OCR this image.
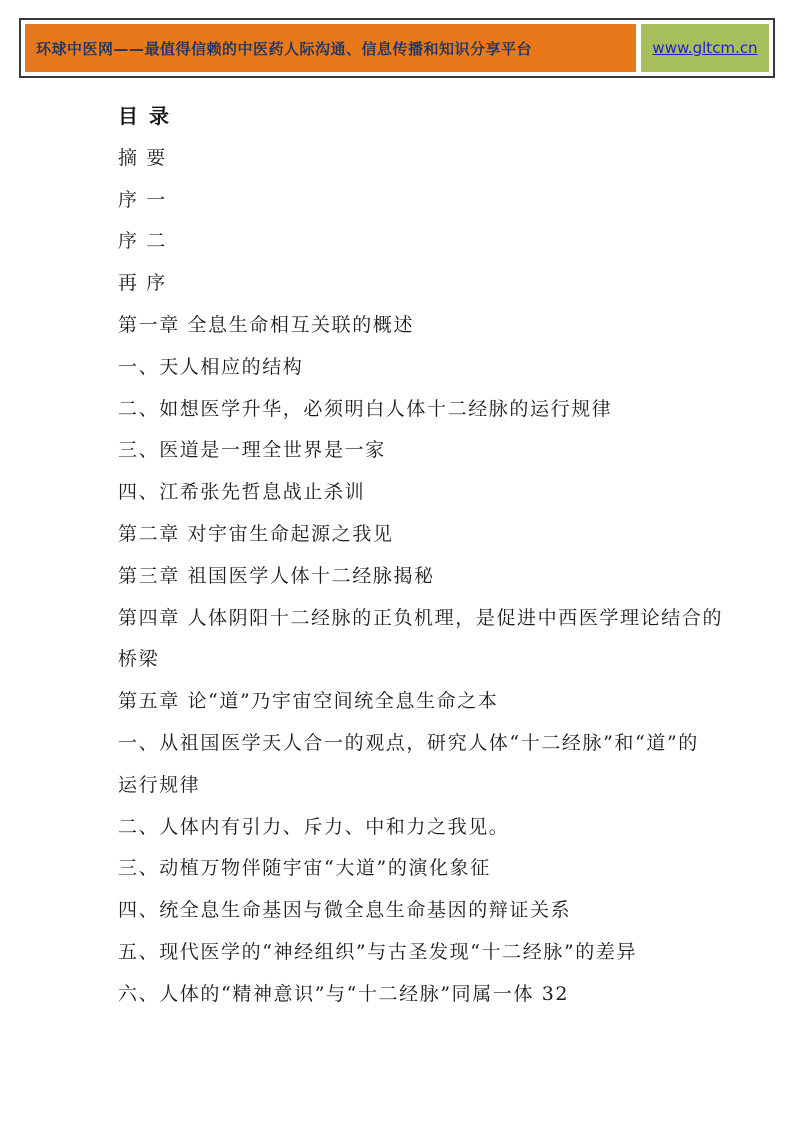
环球中医网——最值得信赖的中医药人际沟通、信息传播和知识分享平台	www.gltcm.cn
目 录

摘 要

序 一

序 二

再 序

第一章 全息生命相互关联的概述

一、天人相应的结构

二、如想医学升华，必须明白人体十二经脉的运行规律

三、医道是一理全世界是一家

四、江希张先哲息战止杀训

第二章 对宇宙生命起源之我见

第三章 祖国医学人体十二经脉揭秘

第四章 人体阴阳十二经脉的正负机理，是促进中西医学理论结合的

桥梁

第五章 论“道”乃宇宙空间统全息生命之本

一、从祖国医学天人合一的观点，研究人体“十二经脉”和“道”的

运行规律

二、人体内有引力、斥力、中和力之我见。

三、动植万物伴随宇宙“大道”的演化象征

四、统全息生命基因与微全息生命基因的辩证关系

五、现代医学的“神经组织”与古圣发现“十二经脉”的差异

六、人体的“精神意识”与“十二经脉”同属一体 32
